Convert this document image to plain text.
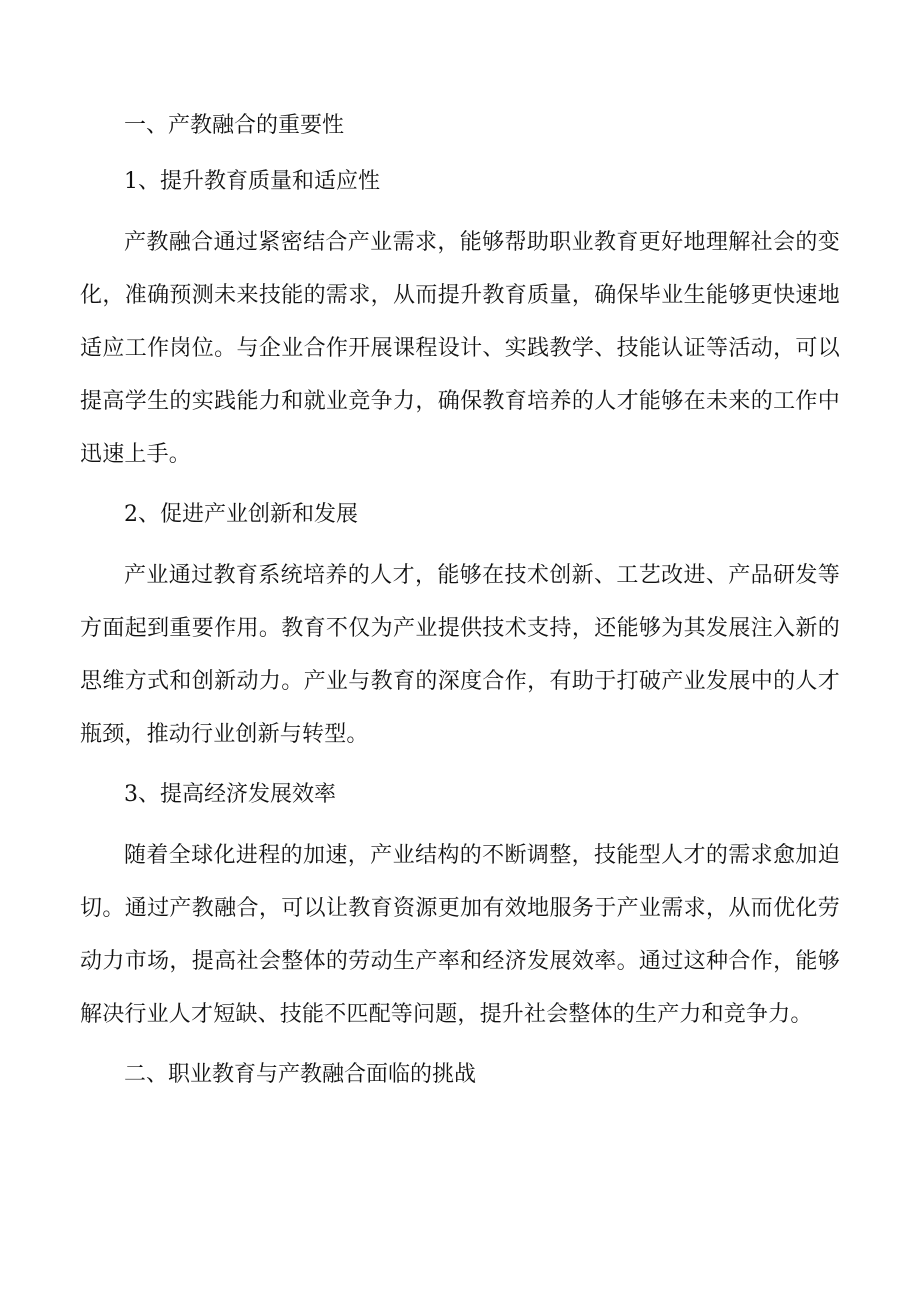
一、产教融合的重要性
1、提升教育质量和适应性

产教融合通过紧密结合产业需求，能够帮助职业教育更好地理解社会的变化，准确预测未来技能的需求，从而提升教育质量，确保毕业生能够更快速地适应工作岗位。与企业合作开展课程设计、实践教学、技能认证等活动，可以提高学生的实践能力和就业竞争力，确保教育培养的人才能够在未来的工作中迅速上手。

2、促进产业创新和发展

产业通过教育系统培养的人才，能够在技术创新、工艺改进、产品研发等方面起到重要作用。教育不仅为产业提供技术支持，还能够为其发展注入新的思维方式和创新动力。产业与教育的深度合作，有助于打破产业发展中的人才瓶颈，推动行业创新与转型。

3、提高经济发展效率

随着全球化进程的加速，产业结构的不断调整，技能型人才的需求愈加迫切。通过产教融合，可以让教育资源更加有效地服务于产业需求，从而优化劳动力市场，提高社会整体的劳动生产率和经济发展效率。通过这种合作，能够解决行业人才短缺、技能不匹配等问题，提升社会整体的生产力和竞争力。

二、职业教育与产教融合面临的挑战
